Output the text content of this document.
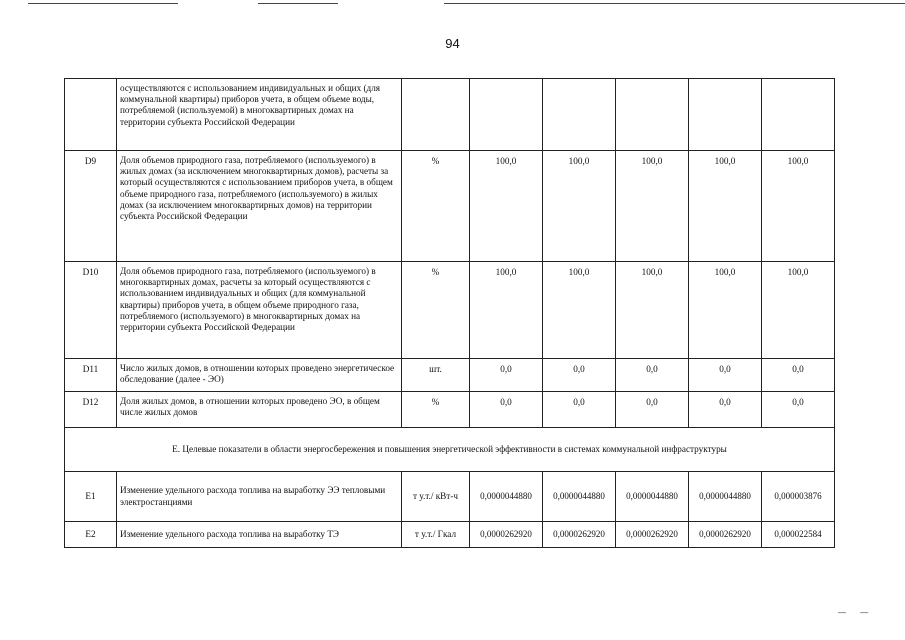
94
	осуществляются с использованием индивидуальных и общих (для коммунальной квартиры) приборов учета, в общем объеме воды, потребляемой (используемой) в многоквартирных домах на территории субъекта Российской Федерации						
D9	Доля объемов природного газа, потребляемого (используемого) в жилых домах (за исключением многоквартирных домов), расчеты за который осуществляются с использованием приборов учета, в общем объеме природного газа, потребляемого (используемого) в жилых домах (за исключением многоквартирных домов) на территории субъекта Российской Федерации	%	100,0	100,0	100,0	100,0	100,0
D10	Доля объемов природного газа, потребляемого (используемого) в многоквартирных домах, расчеты за который осуществляются с использованием индивидуальных и общих (для коммунальной квартиры) приборов учета, в общем объеме природного газа, потребляемого (используемого) в многоквартирных домах на территории субъекта Российской Федерации	%	100,0	100,0	100,0	100,0	100,0
D11	Число жилых домов, в отношении которых проведено энергетическое обследование (далее - ЭО)	шт.	0,0	0,0	0,0	0,0	0,0
D12	Доля жилых домов, в отношении которых проведено ЭО, в общем числе жилых домов	%	0,0	0,0	0,0	0,0	0,0
Е. Целевые показатели в области энергосбережения и повышения энергетической эффективности в системах коммунальной инфраструктуры							
E1	Изменение удельного расхода топлива на выработку ЭЭ тепловыми электростанциями	т у.т./ кВт-ч	0,0000044880	0,0000044880	0,0000044880	0,0000044880	0,000003876
E2	Изменение удельного расхода топлива на выработку ТЭ	т у.т./ Гкал	0,0000262920	0,0000262920	0,0000262920	0,0000262920	0,000022584
— —
